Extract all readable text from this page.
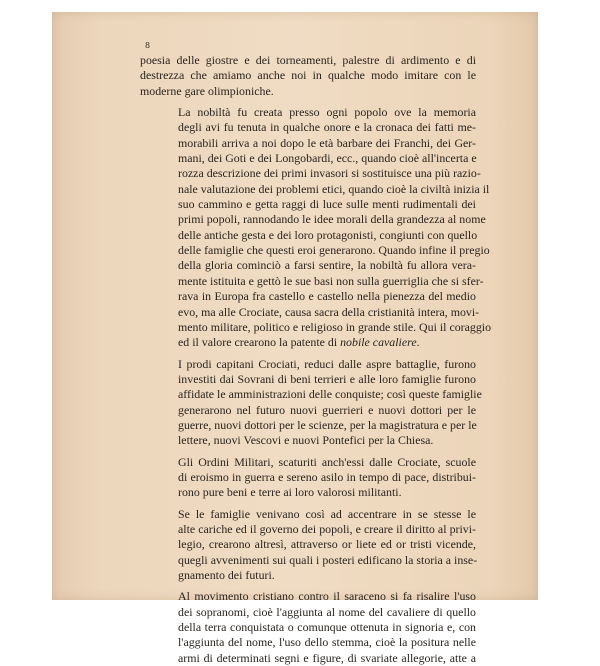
8

poesia delle giostre e dei torneamenti, palestre di ardimento e di
destrezza che amiamo anche noi in qualche modo imitare con le
moderne gare olimpioniche.

La nobiltà fu creata presso ogni popolo ove la memoria
degli avi fu tenuta in qualche onore e la cronaca dei fatti me-
morabili arriva a noi dopo le età barbare dei Franchi, dei Ger-
mani, dei Goti e dei Longobardi, ecc., quando cioè all'incerta e
rozza descrizione dei primi invasori si sostituisce una più razio-
nale valutazione dei problemi etici, quando cioè la civiltà inizia il
suo cammino e getta raggi di luce sulle menti rudimentali dei
primi popoli, rannodando le idee morali della grandezza al nome
delle antiche gesta e dei loro protagonisti, congiunti con quello
delle famiglie che questi eroi generarono. Quando infine il pregio
della gloria cominciò a farsi sentire, la nobiltà fu allora vera-
mente istituita e gettò le sue basi non sulla guerriglia che si sfer-
rava in Europa fra castello e castello nella pienezza del medio
evo, ma alle Crociate, causa sacra della cristianità intera, movi-
mento militare, politico e religioso in grande stile. Qui il coraggio
ed il valore crearono la patente di nobile cavaliere.

I prodi capitani Crociati, reduci dalle aspre battaglie, furono
investiti dai Sovrani di beni terrieri e alle loro famiglie furono
affidate le amministrazioni delle conquiste; così queste famiglie
generarono nel futuro nuovi guerrieri e nuovi dottori per le
guerre, nuovi dottori per le scienze, per la magistratura e per le
lettere, nuovi Vescovi e nuovi Pontefici per la Chiesa.

Gli Ordini Militari, scaturiti anch'essi dalle Crociate, scuole
di eroismo in guerra e sereno asilo in tempo di pace, distribui-
rono pure beni e terre ai loro valorosi militanti.

Se le famiglie venivano così ad accentrare in se stesse le
alte cariche ed il governo dei popoli, e creare il diritto al privi-
legio, crearono altresì, attraverso or liete ed or tristi vicende,
quegli avvenimenti sui quali i posteri edificano la storia a inse-
gnamento dei futuri.

Al movimento cristiano contro il saraceno si fa risalire l'uso
dei sopranomi, cioè l'aggiunta al nome del cavaliere di quello
della terra conquistata o comunque ottenuta in signoria e, con
l'aggiunta del nome, l'uso dello stemma, cioè la positura nelle
armi di determinati segni e figure, di svariate allegorie, atte a
